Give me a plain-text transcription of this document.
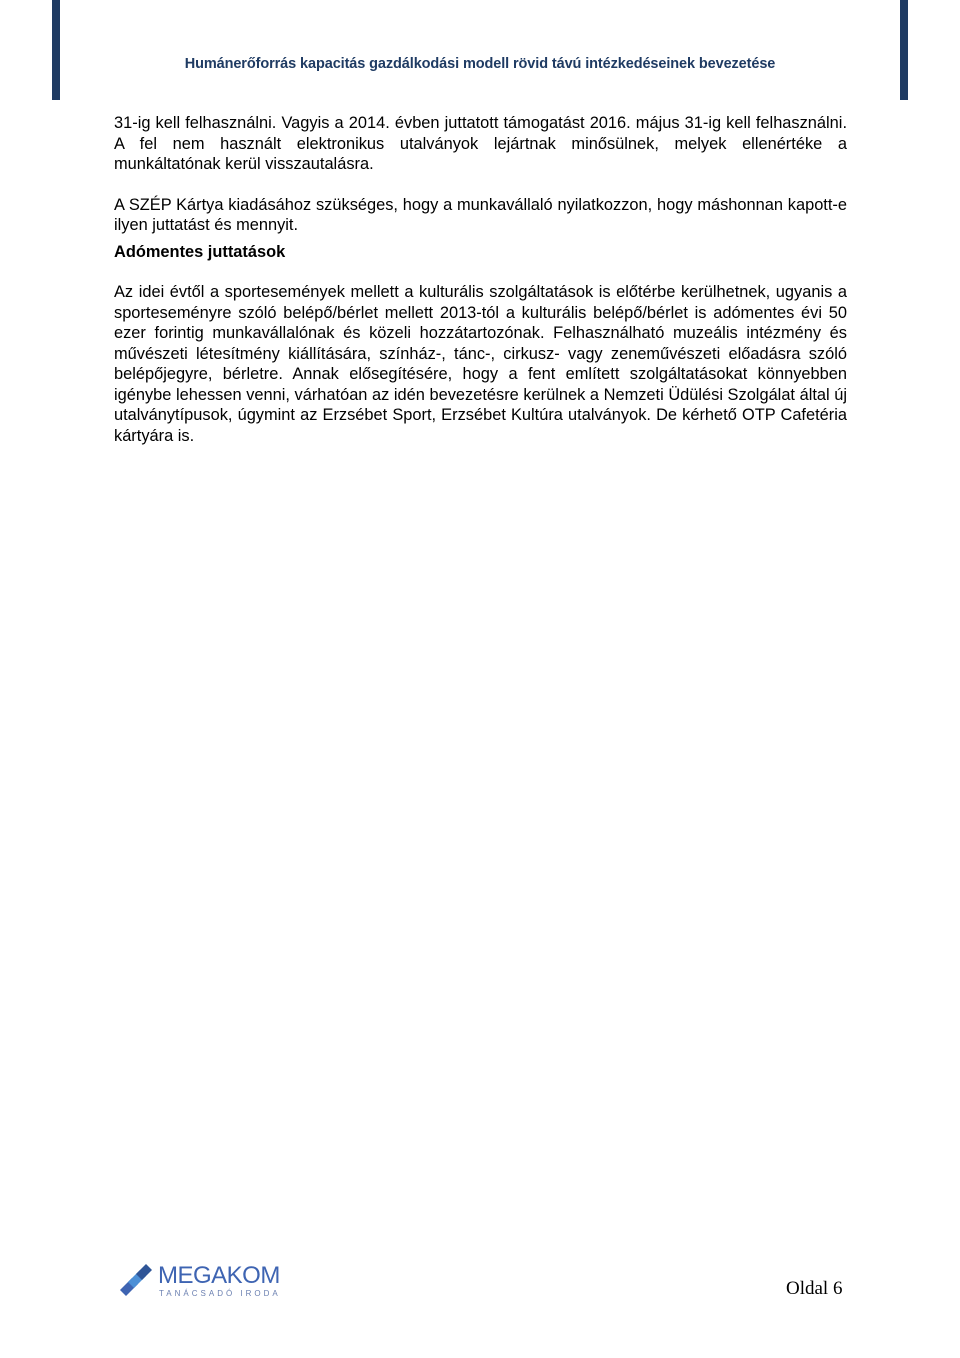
Humánerőforrás kapacitás gazdálkodási modell rövid távú intézkedéseinek bevezetése

31-ig kell felhasználni. Vagyis a 2014. évben juttatott támogatást 2016. május 31-ig kell felhasználni. A fel nem használt elektronikus utalványok lejártnak minősülnek, melyek ellenértéke a munkáltatónak kerül visszautalásra.

A SZÉP Kártya kiadásához szükséges, hogy a munkavállaló nyilatkozzon, hogy máshonnan kapott-e ilyen juttatást és mennyit.

Adómentes juttatások

Az idei évtől a sportesemények mellett a kulturális szolgáltatások is előtérbe kerülhetnek, ugyanis a sporteseményre szóló belépő/bérlet mellett 2013-tól a kulturális belépő/bérlet is adómentes évi 50 ezer forintig munkavállalónak és közeli hozzátartozónak. Felhasználható muzeális intézmény és művészeti létesítmény kiállítására, színház-, tánc-, cirkusz- vagy zeneművészeti előadásra szóló belépőjegyre, bérletre. Annak elősegítésére, hogy a fent említett szolgáltatásokat könnyebben igénybe lehessen venni, várhatóan az idén bevezetésre kerülnek a Nemzeti Üdülési Szolgálat által új utalványtípusok, úgymint az Erzsébet Sport, Erzsébet Kultúra utalványok. De kérhető OTP Cafetéria kártyára is.

MEGAKOM
TANÁCSADÓ IRODA	Oldal 6
